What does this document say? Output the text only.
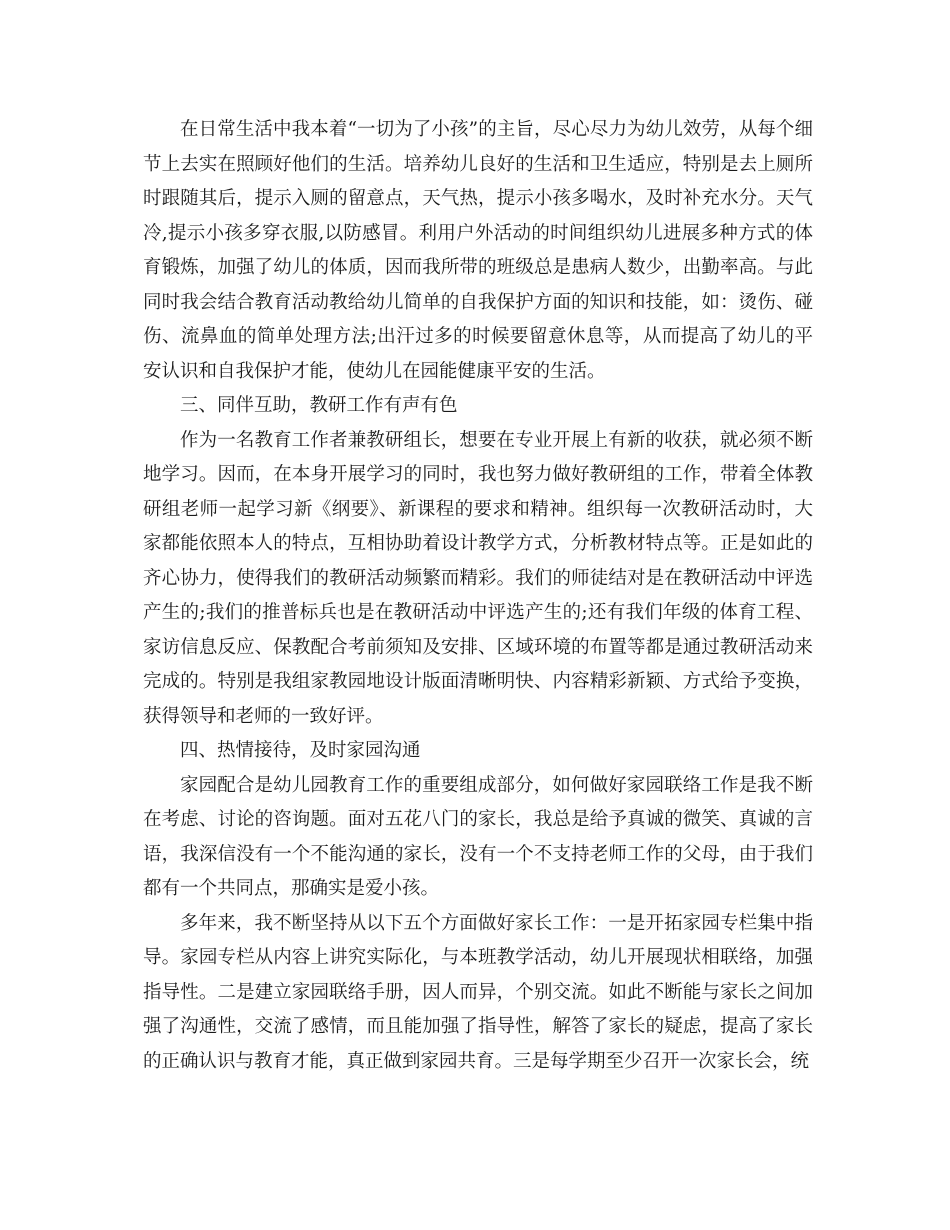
在日常生活中我本着“一切为了小孩”的主旨，尽心尽力为幼儿效劳，从每个细节上去实在照顾好他们的生活。培养幼儿良好的生活和卫生适应，特别是去上厕所时跟随其后，提示入厕的留意点，天气热，提示小孩多喝水，及时补充水分。天气冷,提示小孩多穿衣服,以防感冒。利用户外活动的时间组织幼儿进展多种方式的体育锻炼，加强了幼儿的体质，因而我所带的班级总是患病人数少，出勤率高。与此同时我会结合教育活动教给幼儿简单的自我保护方面的知识和技能，如：烫伤、碰伤、流鼻血的简单处理方法;出汗过多的时候要留意休息等，从而提高了幼儿的平安认识和自我保护才能，使幼儿在园能健康平安的生活。

三、同伴互助，教研工作有声有色

作为一名教育工作者兼教研组长，想要在专业开展上有新的收获，就必须不断地学习。因而，在本身开展学习的同时，我也努力做好教研组的工作，带着全体教研组老师一起学习新《纲要》、新课程的要求和精神。组织每一次教研活动时，大家都能依照本人的特点，互相协助着设计教学方式，分析教材特点等。正是如此的齐心协力，使得我们的教研活动频繁而精彩。我们的师徒结对是在教研活动中评选产生的;我们的推普标兵也是在教研活动中评选产生的;还有我们年级的体育工程、家访信息反应、保教配合考前须知及安排、区域环境的布置等都是通过教研活动来完成的。特别是我组家教园地设计版面清晰明快、内容精彩新颖、方式给予变换，获得领导和老师的一致好评。

四、热情接待，及时家园沟通

家园配合是幼儿园教育工作的重要组成部分，如何做好家园联络工作是我不断在考虑、讨论的咨询题。面对五花八门的家长，我总是给予真诚的微笑、真诚的言语，我深信没有一个不能沟通的家长，没有一个不支持老师工作的父母，由于我们都有一个共同点，那确实是爱小孩。

多年来，我不断坚持从以下五个方面做好家长工作：一是开拓家园专栏集中指导。家园专栏从内容上讲究实际化，与本班教学活动，幼儿开展现状相联络，加强指导性。二是建立家园联络手册，因人而异，个别交流。如此不断能与家长之间加强了沟通性，交流了感情，而且能加强了指导性，解答了家长的疑虑，提高了家长的正确认识与教育才能，真正做到家园共育。三是每学期至少召开一次家长会，统
